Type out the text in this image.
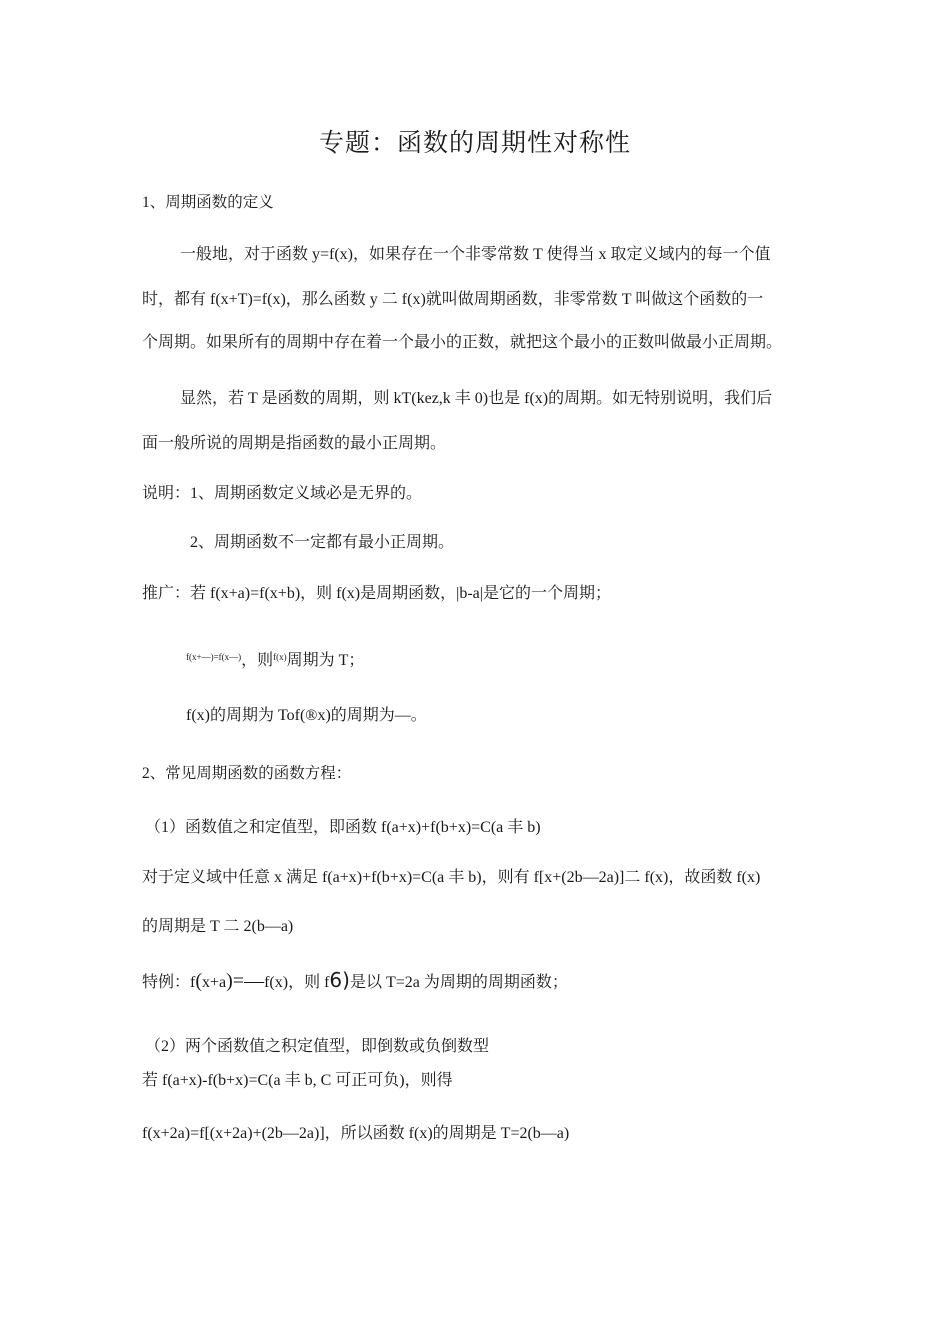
专题：函数的周期性对称性
1、周期函数的定义
一般地，对于函数 y=f(x)，如果存在一个非零常数 T 使得当 x 取定义域内的每一个值
时，都有 f(x+T)=f(x)，那么函数 y 二 f(x)就叫做周期函数，非零常数 T 叫做这个函数的一
个周期。如果所有的周期中存在着一个最小的正数，就把这个最小的正数叫做最小正周期。
显然，若 T 是函数的周期，则 kT(kez,k 丰 0)也是 f(x)的周期。如无特别说明，我们后
面一般所说的周期是指函数的最小正周期。
说明：1、周期函数定义域必是无界的。
2、周期函数不一定都有最小正周期。
推广：若 f(x+a)=f(x+b)，则 f(x)是周期函数，|b-a|是它的一个周期；
$^{f(x+—)=f(x—)}$，则$^{f(x)}$周期为 T；
f(x)的周期为 Tof(®x)的周期为—。
2、常见周期函数的函数方程：
（1）函数值之和定值型，即函数 f(a+x)+f(b+x)=C(a 丰 b)
对于定义域中任意 x 满足 f(a+x)+f(b+x)=C(a 丰 b)，则有 f[x+(2b—2a)]二 f(x)，故函数 f(x)
的周期是 T 二 2(b—a)
特例：f(x+a)=—f(x)，则 f6)是以 T=2a 为周期的周期函数；
（2）两个函数值之积定值型，即倒数或负倒数型
若 f(a+x)-f(b+x)=C(a 丰 b, C 可正可负)，则得
f(x+2a)=f[(x+2a)+(2b—2a)]，所以函数 f(x)的周期是 T=2(b—a)
